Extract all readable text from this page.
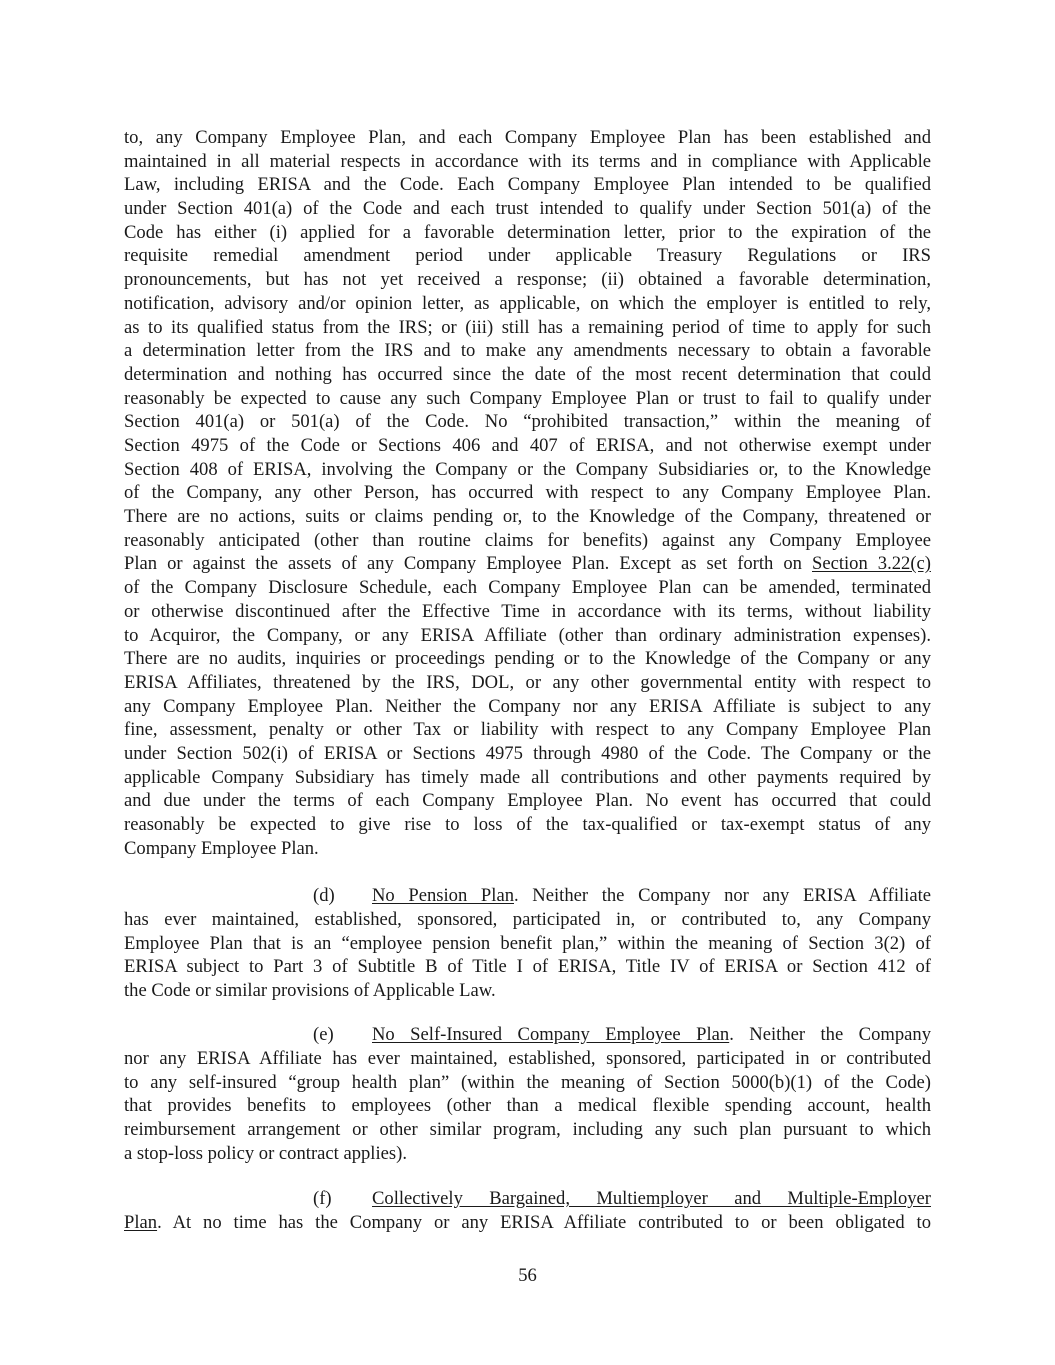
to, any Company Employee Plan, and each Company Employee Plan has been established and
maintained in all material respects in accordance with its terms and in compliance with Applicable
Law, including ERISA and the Code. Each Company Employee Plan intended to be qualified
under Section 401(a) of the Code and each trust intended to qualify under Section 501(a) of the
Code has either (i) applied for a favorable determination letter, prior to the expiration of the
requisite remedial amendment period under applicable Treasury Regulations or IRS
pronouncements, but has not yet received a response; (ii) obtained a favorable determination,
notification, advisory and/or opinion letter, as applicable, on which the employer is entitled to rely,
as to its qualified status from the IRS; or (iii) still has a remaining period of time to apply for such
a determination letter from the IRS and to make any amendments necessary to obtain a favorable
determination and nothing has occurred since the date of the most recent determination that could
reasonably be expected to cause any such Company Employee Plan or trust to fail to qualify under
Section 401(a) or 501(a) of the Code. No “prohibited transaction,” within the meaning of
Section 4975 of the Code or Sections 406 and 407 of ERISA, and not otherwise exempt under
Section 408 of ERISA, involving the Company or the Company Subsidiaries or, to the Knowledge
of the Company, any other Person, has occurred with respect to any Company Employee Plan.
There are no actions, suits or claims pending or, to the Knowledge of the Company, threatened or
reasonably anticipated (other than routine claims for benefits) against any Company Employee
Plan or against the assets of any Company Employee Plan. Except as set forth on Section 3.22(c)
of the Company Disclosure Schedule, each Company Employee Plan can be amended, terminated
or otherwise discontinued after the Effective Time in accordance with its terms, without liability
to Acquiror, the Company, or any ERISA Affiliate (other than ordinary administration expenses).
There are no audits, inquiries or proceedings pending or to the Knowledge of the Company or any
ERISA Affiliates, threatened by the IRS, DOL, or any other governmental entity with respect to
any Company Employee Plan. Neither the Company nor any ERISA Affiliate is subject to any
fine, assessment, penalty or other Tax or liability with respect to any Company Employee Plan
under Section 502(i) of ERISA or Sections 4975 through 4980 of the Code. The Company or the
applicable Company Subsidiary has timely made all contributions and other payments required by
and due under the terms of each Company Employee Plan. No event has occurred that could
reasonably be expected to give rise to loss of the tax-qualified or tax-exempt status of any
Company Employee Plan.
(d) No Pension Plan. Neither the Company nor any ERISA Affiliate
has ever maintained, established, sponsored, participated in, or contributed to, any Company
Employee Plan that is an “employee pension benefit plan,” within the meaning of Section 3(2) of
ERISA subject to Part 3 of Subtitle B of Title I of ERISA, Title IV of ERISA or Section 412 of
the Code or similar provisions of Applicable Law.
(e) No Self-Insured Company Employee Plan. Neither the Company
nor any ERISA Affiliate has ever maintained, established, sponsored, participated in or contributed
to any self-insured “group health plan” (within the meaning of Section 5000(b)(1) of the Code)
that provides benefits to employees (other than a medical flexible spending account, health
reimbursement arrangement or other similar program, including any such plan pursuant to which
a stop-loss policy or contract applies).
(f) Collectively Bargained, Multiemployer and Multiple-Employer
Plan. At no time has the Company or any ERISA Affiliate contributed to or been obligated to
56
